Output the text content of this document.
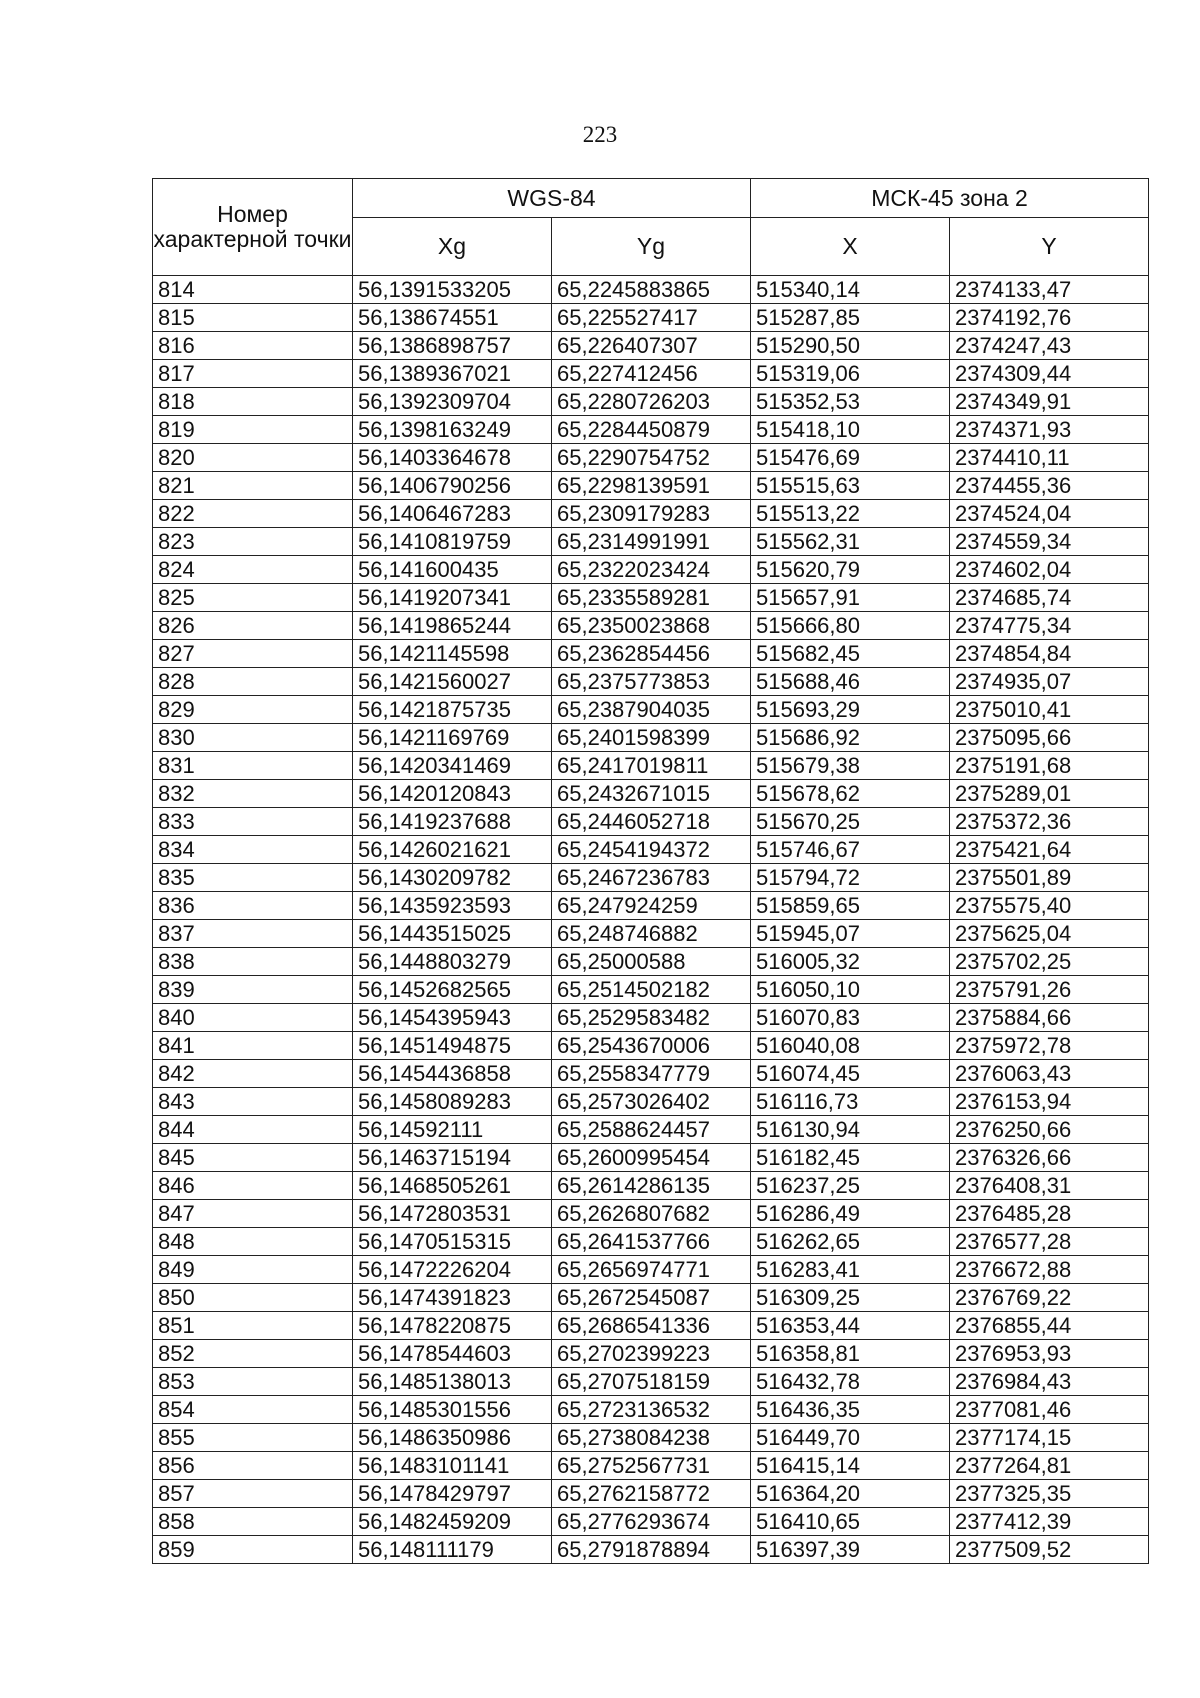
223
Номер характерной точки	WGS-84		МСК-45 зона 2	
	Xg	Yg	X	Y
814	56,1391533205	65,2245883865	515340,14	2374133,47
815	56,138674551	65,225527417	515287,85	2374192,76
816	56,1386898757	65,226407307	515290,50	2374247,43
817	56,1389367021	65,227412456	515319,06	2374309,44
818	56,1392309704	65,2280726203	515352,53	2374349,91
819	56,1398163249	65,2284450879	515418,10	2374371,93
820	56,1403364678	65,2290754752	515476,69	2374410,11
821	56,1406790256	65,2298139591	515515,63	2374455,36
822	56,1406467283	65,2309179283	515513,22	2374524,04
823	56,1410819759	65,2314991991	515562,31	2374559,34
824	56,141600435	65,2322023424	515620,79	2374602,04
825	56,1419207341	65,2335589281	515657,91	2374685,74
826	56,1419865244	65,2350023868	515666,80	2374775,34
827	56,1421145598	65,2362854456	515682,45	2374854,84
828	56,1421560027	65,2375773853	515688,46	2374935,07
829	56,1421875735	65,2387904035	515693,29	2375010,41
830	56,1421169769	65,2401598399	515686,92	2375095,66
831	56,1420341469	65,2417019811	515679,38	2375191,68
832	56,1420120843	65,2432671015	515678,62	2375289,01
833	56,1419237688	65,2446052718	515670,25	2375372,36
834	56,1426021621	65,2454194372	515746,67	2375421,64
835	56,1430209782	65,2467236783	515794,72	2375501,89
836	56,1435923593	65,247924259	515859,65	2375575,40
837	56,1443515025	65,248746882	515945,07	2375625,04
838	56,1448803279	65,25000588	516005,32	2375702,25
839	56,1452682565	65,2514502182	516050,10	2375791,26
840	56,1454395943	65,2529583482	516070,83	2375884,66
841	56,1451494875	65,2543670006	516040,08	2375972,78
842	56,1454436858	65,2558347779	516074,45	2376063,43
843	56,1458089283	65,2573026402	516116,73	2376153,94
844	56,14592111	65,2588624457	516130,94	2376250,66
845	56,1463715194	65,2600995454	516182,45	2376326,66
846	56,1468505261	65,2614286135	516237,25	2376408,31
847	56,1472803531	65,2626807682	516286,49	2376485,28
848	56,1470515315	65,2641537766	516262,65	2376577,28
849	56,1472226204	65,2656974771	516283,41	2376672,88
850	56,1474391823	65,2672545087	516309,25	2376769,22
851	56,1478220875	65,2686541336	516353,44	2376855,44
852	56,1478544603	65,2702399223	516358,81	2376953,93
853	56,1485138013	65,2707518159	516432,78	2376984,43
854	56,1485301556	65,2723136532	516436,35	2377081,46
855	56,1486350986	65,2738084238	516449,70	2377174,15
856	56,1483101141	65,2752567731	516415,14	2377264,81
857	56,1478429797	65,2762158772	516364,20	2377325,35
858	56,1482459209	65,2776293674	516410,65	2377412,39
859	56,148111179	65,2791878894	516397,39	2377509,52
